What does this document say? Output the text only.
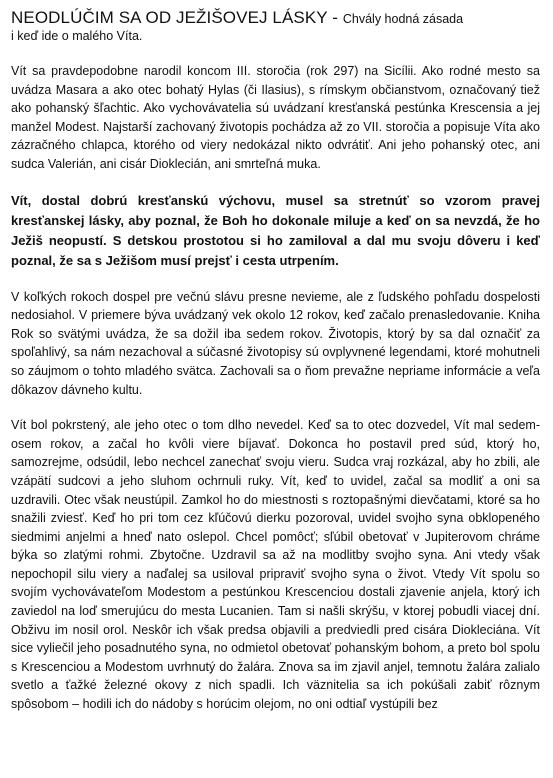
NEODLÚČIM SA OD JEŽIŠOVEJ LÁSKY - Chvály hodná zásada
i keď ide o malého Víta.

Vít sa pravdepodobne narodil koncom III. storočia (rok 297) na Sicílii. Ako rodné mesto sa uvádza Masara a ako otec bohatý Hylas (či Ilasius), s rímskym občianstvom, označovaný tiež ako pohanský šľachtic. Ako vychovávatelia sú uvádzaní kresťanská pestúnka Krescensia a jej manžel Modest. Najstarší zachovaný životopis pochádza až zo VII. storočia a popisuje Víta ako zázračného chlapca, ktorého od viery nedokázal nikto odvrátiť. Ani jeho pohanský otec, ani sudca Valerián, ani cisár Dioklecián, ani smrteľná muka.

Vít, dostal dobrú kresťanskú výchovu, musel sa stretnúť so vzorom pravej kresťanskej lásky, aby poznal, že Boh ho dokonale miluje a keď on sa nevzdá, že ho Ježiš neopustí. S detskou prostotou si ho zamiloval a dal mu svoju dôveru i keď poznal, že sa s Ježišom musí prejsť i cesta utrpením.

V koľkých rokoch dospel pre večnú slávu presne nevieme, ale z ľudského pohľadu dospelosti nedosiahol. V priemere býva uvádzaný vek okolo 12 rokov, keď začalo prenasledovanie. Kniha Rok so svätými uvádza, že sa dožil iba sedem rokov. Životopis, ktorý by sa dal označiť za spoľahlivý, sa nám nezachoval a súčasné životopisy sú ovplyvnené legendami, ktoré mohutneli so záujmom o tohto mladého svätca. Zachovali sa o ňom prevažne nepriame informácie a veľa dôkazov dávneho kultu.

Vít bol pokrstený, ale jeho otec o tom dlho nevedel. Keď sa to otec dozvedel, Vít mal sedem-osem rokov, a začal ho kvôli viere bíjavať. Dokonca ho postavil pred súd, ktorý ho, samozrejme, odsúdil, lebo nechcel zanechať svoju vieru. Sudca vraj rozkázal, aby ho zbili, ale vzápätí sudcovi a jeho sluhom ochrnuli ruky. Vít, keď to uvidel, začal sa modliť a oni sa uzdravili. Otec však neustúpil. Zamkol ho do miestnosti s roztopašnými dievčatami, ktoré sa ho snažili zviesť. Keď ho pri tom cez kľúčovú dierku pozoroval, uvidel svojho syna obklopeného siedmimi anjelmi a hneď nato oslepol. Chcel pomôcť; sľúbil obetovať v Jupiterovom chráme býka so zlatými rohmi. Zbytočne. Uzdravil sa až na modlitby svojho syna. Ani vtedy však nepochopil silu viery a naďalej sa usiloval pripraviť svojho syna o život. Vtedy Vít spolu so svojím vychovávateľom Modestom a pestúnkou Krescenciou dostali zjavenie anjela, ktorý ich zaviedol na loď smerujúcu do mesta Lucanien. Tam si našli skrýšu, v ktorej pobudli viacej dní. Obživu im nosil orol. Neskôr ich však predsa objavili a predviedli pred cisára Diokleciána. Vít sice vyliečil jeho posadnutého syna, no odmietol obetovať pohanským bohom, a preto bol spolu s Krescenciou a Modestom uvrhnutý do žalára. Znova sa im zjavil anjel, temnotu žalára zalialo svetlo a ťažké železné okovy z nich spadli. Ich väznitelia sa ich pokúšali zabiť rôznym spôsobom – hodili ich do nádoby s horúcim olejom, no oni odtiaľ vystúpili bez
